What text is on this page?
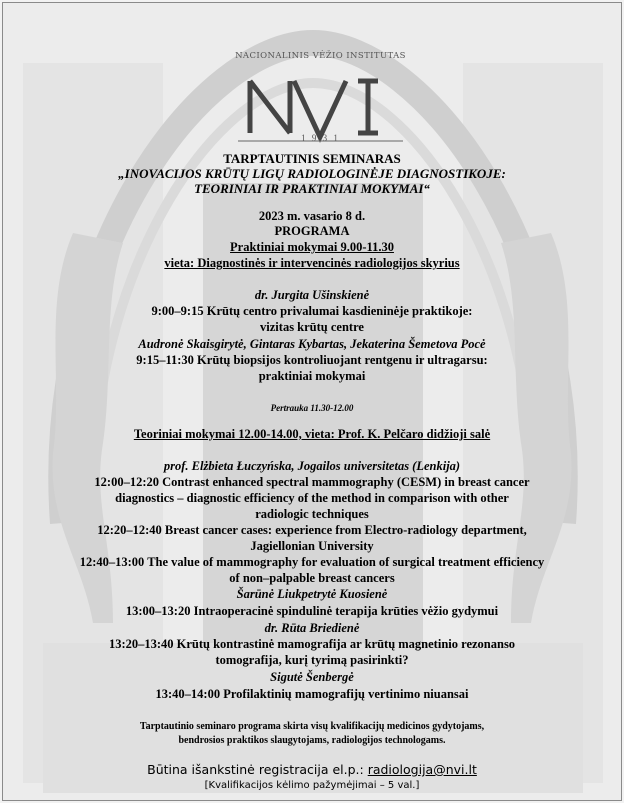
NACIONALINIS VĖŽIO INSTITUTAS
1 9 3 1
TARPTAUTINIS SEMINARAS
„INOVACIJOS KRŪTŲ LIGŲ RADIOLOGINĖJE DIAGNOSTIKOJE:
TEORINIAI IR PRAKTINIAI MOKYMAI“
2023 m. vasario 8 d.
PROGRAMA
Praktiniai mokymai 9.00-11.30
vieta: Diagnostinės ir intervencinės radiologijos skyrius
dr. Jurgita Ušinskienė
9:00–9:15 Krūtų centro privalumai kasdieninėje praktikoje:
vizitas krūtų centre
Audronė Skaisgirytė, Gintaras Kybartas, Jekaterina Šemetova Pocė
9:15–11:30 Krūtų biopsijos kontroliuojant rentgenu ir ultragarsu:
praktiniai mokymai
Pertrauka 11.30-12.00
Teoriniai mokymai 12.00-14.00, vieta: Prof. K. Pelčaro didžioji salė
prof. Elżbieta Łuczyńska, Jogailos universitetas (Lenkija)
12:00–12:20 Contrast enhanced spectral mammography (CESM) in breast cancer
diagnostics – diagnostic efficiency of the method in comparison with other
radiologic techniques
12:20–12:40 Breast cancer cases: experience from Electro-radiology department,
Jagiellonian University
12:40–13:00 The value of mammography for evaluation of surgical treatment efficiency
of non–palpable breast cancers
Šarūnė Liukpetrytė Kuosienė
13:00–13:20 Intraoperacinė spindulinė terapija krūties vėžio gydymui
dr. Rūta Briedienė
13:20–13:40 Krūtų kontrastinė mamografija ar krūtų magnetinio rezonanso
tomografija, kurį tyrimą pasirinkti?
Sigutė Šenbergė
13:40–14:00 Profilaktinių mamografijų vertinimo niuansai
Tarptautinio seminaro programa skirta visų kvalifikacijų medicinos gydytojams,
bendrosios praktikos slaugytojams, radiologijos technologams.
Būtina išankstinė registracija el.p.: radiologija@nvi.lt
[Kvalifikacijos kėlimo pažymėjimai – 5 val.]
